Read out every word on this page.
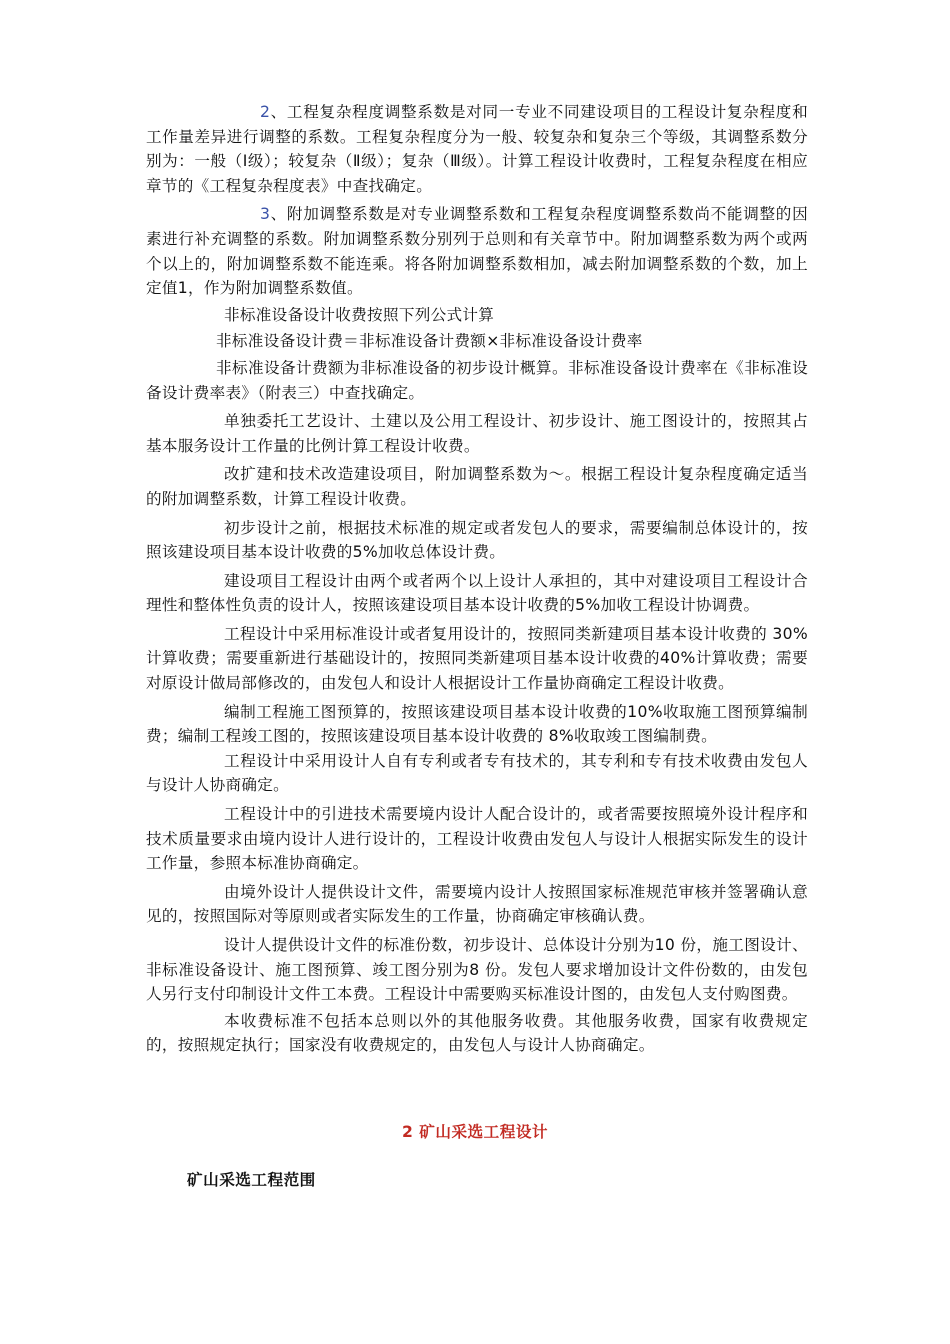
2、工程复杂程度调整系数是对同一专业不同建设项目的工程设计复杂程度和工作量差异进行调整的系数。工程复杂程度分为一般、较复杂和复杂三个等级，其调整系数分别为：一般（Ⅰ级）；较复杂（Ⅱ级）；复杂（Ⅲ级）。计算工程设计收费时，工程复杂程度在相应章节的《工程复杂程度表》中查找确定。

3、附加调整系数是对专业调整系数和工程复杂程度调整系数尚不能调整的因素进行补充调整的系数。附加调整系数分别列于总则和有关章节中。附加调整系数为两个或两个以上的，附加调整系数不能连乘。将各附加调整系数相加，减去附加调整系数的个数，加上定值1，作为附加调整系数值。

非标准设备设计收费按照下列公式计算

非标准设备设计费＝非标准设备计费额×非标准设备设计费率

非标准设备计费额为非标准设备的初步设计概算。非标准设备设计费率在《非标准设备设计费率表》（附表三）中查找确定。

单独委托工艺设计、土建以及公用工程设计、初步设计、施工图设计的，按照其占基本服务设计工作量的比例计算工程设计收费。

改扩建和技术改造建设项目，附加调整系数为～。根据工程设计复杂程度确定适当的附加调整系数，计算工程设计收费。

初步设计之前，根据技术标准的规定或者发包人的要求，需要编制总体设计的，按照该建设项目基本设计收费的5%加收总体设计费。

建设项目工程设计由两个或者两个以上设计人承担的，其中对建设项目工程设计合理性和整体性负责的设计人，按照该建设项目基本设计收费的5%加收工程设计协调费。

工程设计中采用标准设计或者复用设计的，按照同类新建项目基本设计收费的 30%计算收费；需要重新进行基础设计的，按照同类新建项目基本设计收费的40%计算收费；需要对原设计做局部修改的，由发包人和设计人根据设计工作量协商确定工程设计收费。

编制工程施工图预算的，按照该建设项目基本设计收费的10%收取施工图预算编制费；编制工程竣工图的，按照该建设项目基本设计收费的 8%收取竣工图编制费。

工程设计中采用设计人自有专利或者专有技术的，其专利和专有技术收费由发包人与设计人协商确定。

工程设计中的引进技术需要境内设计人配合设计的，或者需要按照境外设计程序和技术质量要求由境内设计人进行设计的，工程设计收费由发包人与设计人根据实际发生的设计工作量，参照本标准协商确定。

由境外设计人提供设计文件，需要境内设计人按照国家标准规范审核并签署确认意见的，按照国际对等原则或者实际发生的工作量，协商确定审核确认费。

设计人提供设计文件的标准份数，初步设计、总体设计分别为10 份，施工图设计、非标准设备设计、施工图预算、竣工图分别为8 份。发包人要求增加设计文件份数的，由发包人另行支付印制设计文件工本费。工程设计中需要购买标准设计图的，由发包人支付购图费。

本收费标准不包括本总则以外的其他服务收费。其他服务收费，国家有收费规定的，按照规定执行；国家没有收费规定的，由发包人与设计人协商确定。

2 矿山采选工程设计
矿山采选工程范围
